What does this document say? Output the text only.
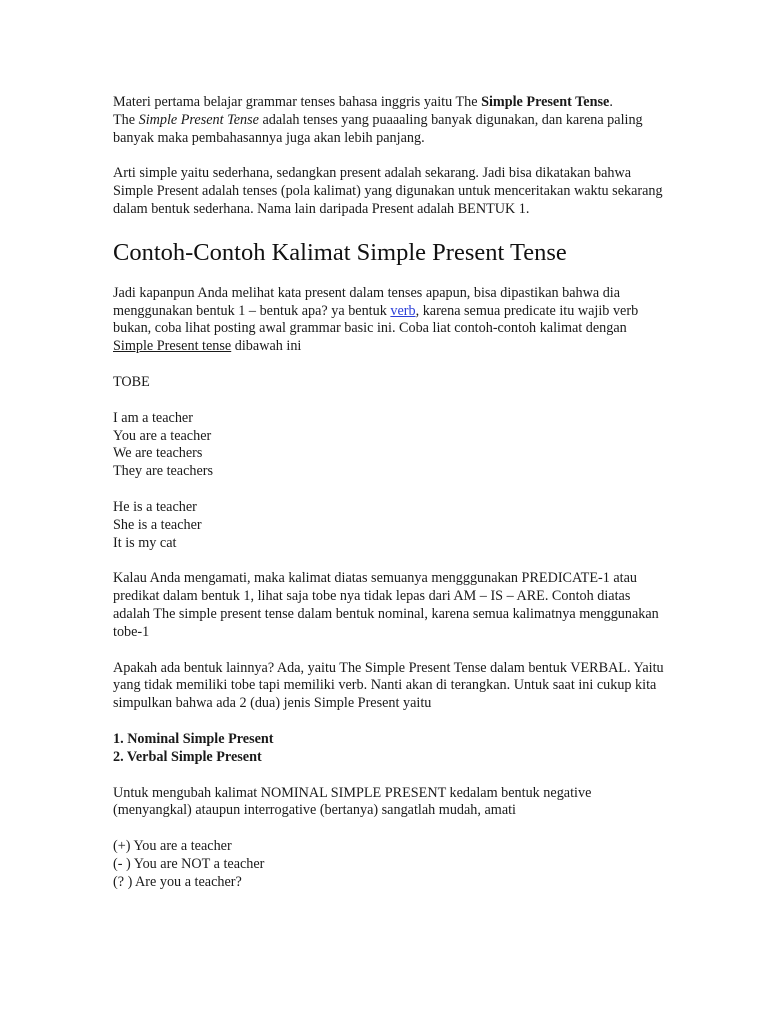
Materi pertama belajar grammar tenses bahasa inggris yaitu The Simple Present Tense.
The Simple Present Tense adalah tenses yang puaaaling banyak digunakan, dan karena paling banyak maka pembahasannya juga akan lebih panjang.

Arti simple yaitu sederhana, sedangkan present adalah sekarang. Jadi bisa dikatakan bahwa Simple Present adalah tenses (pola kalimat) yang digunakan untuk menceritakan waktu sekarang dalam bentuk sederhana. Nama lain daripada Present adalah BENTUK 1.

Contoh-Contoh Kalimat Simple Present Tense

Jadi kapanpun Anda melihat kata present dalam tenses apapun, bisa dipastikan bahwa dia menggunakan bentuk 1 – bentuk apa? ya bentuk verb, karena semua predicate itu wajib verb bukan, coba lihat posting awal grammar basic ini. Coba liat contoh-contoh kalimat dengan Simple Present tense dibawah ini

TOBE

I am a teacher
You are a teacher
We are teachers
They are teachers
He is a teacher
She is a teacher
It is my cat

Kalau Anda mengamati, maka kalimat diatas semuanya mengggunakan PREDICATE-1 atau predikat dalam bentuk 1, lihat saja tobe nya tidak lepas dari AM – IS – ARE. Contoh diatas adalah The simple present tense dalam bentuk nominal, karena semua kalimatnya menggunakan tobe-1

Apakah ada bentuk lainnya? Ada, yaitu The Simple Present Tense dalam bentuk VERBAL. Yaitu yang tidak memiliki tobe tapi memiliki verb. Nanti akan di terangkan. Untuk saat ini cukup kita simpulkan bahwa ada 2 (dua) jenis Simple Present yaitu

1. Nominal Simple Present
2. Verbal Simple Present

Untuk mengubah kalimat NOMINAL SIMPLE PRESENT kedalam bentuk negative (menyangkal) ataupun interrogative (bertanya) sangatlah mudah, amati

(+) You are a teacher
(- ) You are NOT a teacher
(? ) Are you a teacher?
